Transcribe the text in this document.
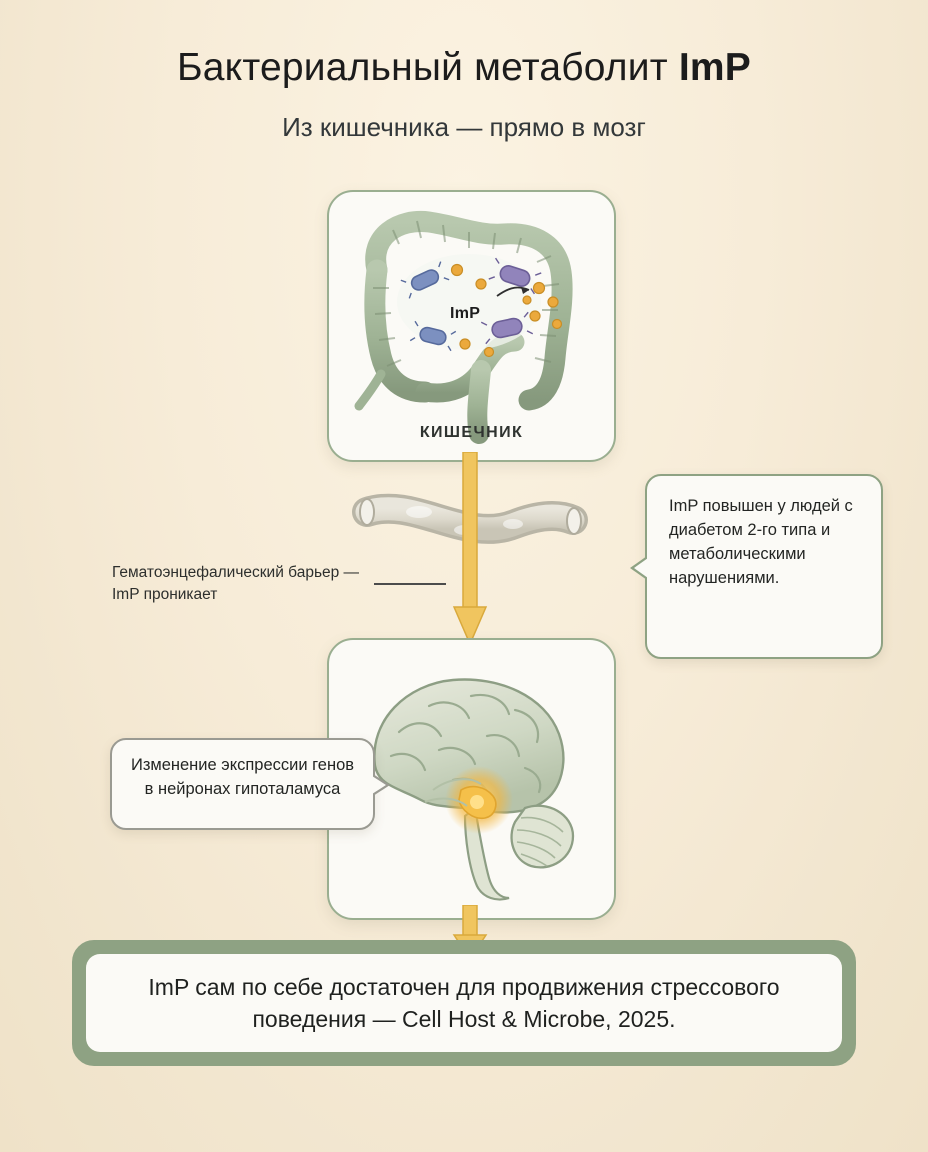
Бактериальный метаболит ImP
Из кишечника — прямо в мозг
ImP
КИШЕЧНИК
Гематоэнцефалический барьер — ImP проникает
ImP повышен у людей с диабетом 2-го типа и метаболическими нарушениями.
Изменение экспрессии генов в нейронах гипоталамуса
ImP сам по себе достаточен для продвижения стрессового поведения — Cell Host & Microbe, 2025.
